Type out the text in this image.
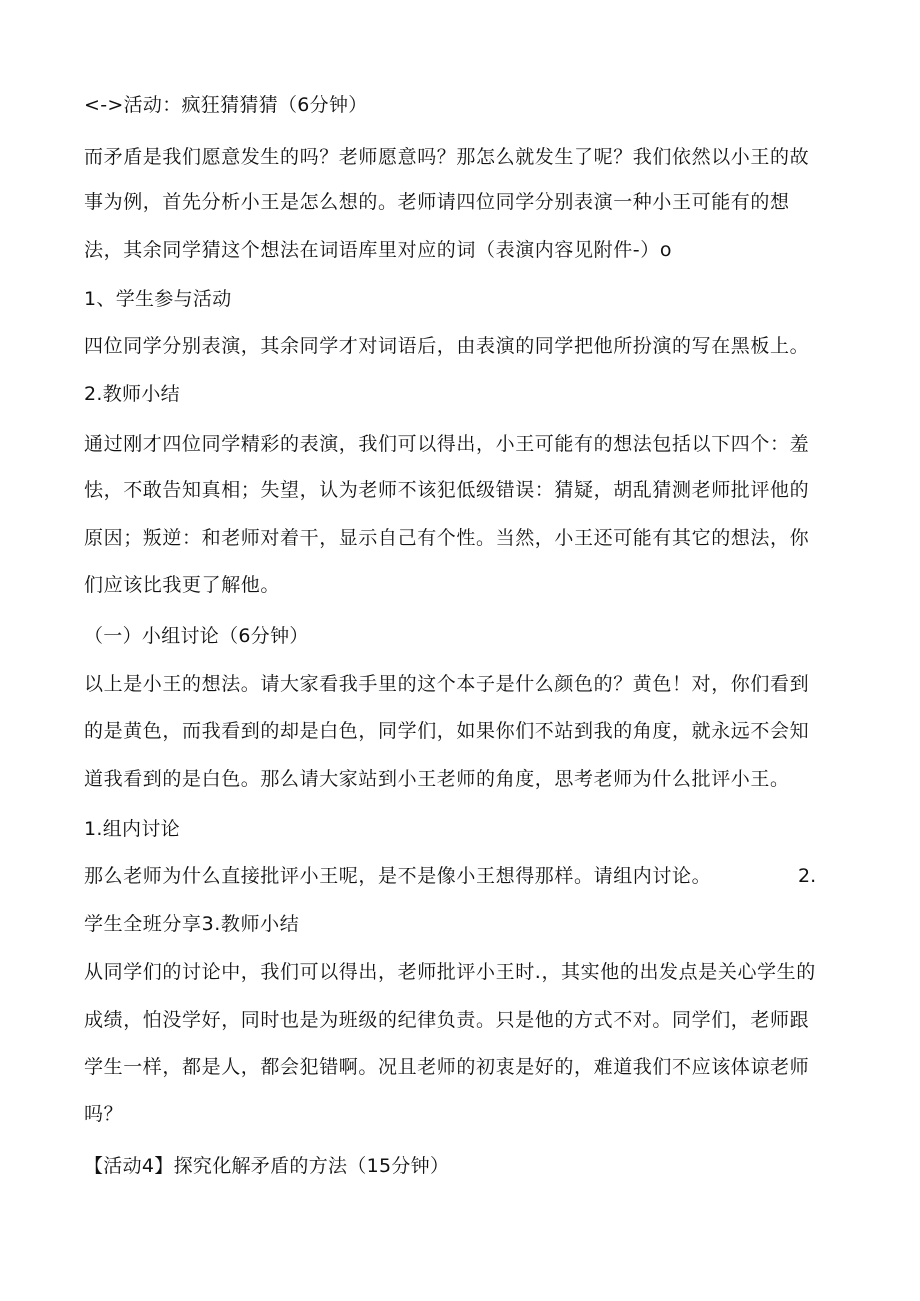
<->活动：疯狂猜猜猜（6分钟）
而矛盾是我们愿意发生的吗？老师愿意吗？那怎么就发生了呢？我们依然以小王的故
事为例，首先分析小王是怎么想的。老师请四位同学分别表演一种小王可能有的想
法，其余同学猜这个想法在词语库里对应的词（表演内容见附件-）o
1、学生参与活动
四位同学分别表演，其余同学才对词语后，由表演的同学把他所扮演的写在黑板上。
2.教师小结
通过刚才四位同学精彩的表演，我们可以得出，小王可能有的想法包括以下四个：羞
怯，不敢告知真相；失望，认为老师不该犯低级错误：猜疑，胡乱猜测老师批评他的
原因；叛逆：和老师对着干，显示自己有个性。当然，小王还可能有其它的想法，你
们应该比我更了解他。
（一）小组讨论（6分钟）
以上是小王的想法。请大家看我手里的这个本子是什么颜色的？黄色！对，你们看到
的是黄色，而我看到的却是白色，同学们，如果你们不站到我的角度，就永远不会知
道我看到的是白色。那么请大家站到小王老师的角度，思考老师为什么批评小王。
1.组内讨论
那么老师为什么直接批评小王呢，是不是像小王想得那样。请组内讨论。	2.
学生全班分享3.教师小结
从同学们的讨论中，我们可以得出，老师批评小王时.，其实他的出发点是关心学生的
成绩，怕没学好，同时也是为班级的纪律负责。只是他的方式不对。同学们，老师跟
学生一样，都是人，都会犯错啊。况且老师的初衷是好的，难道我们不应该体谅老师
吗？
【活动4】探究化解矛盾的方法（15分钟）
